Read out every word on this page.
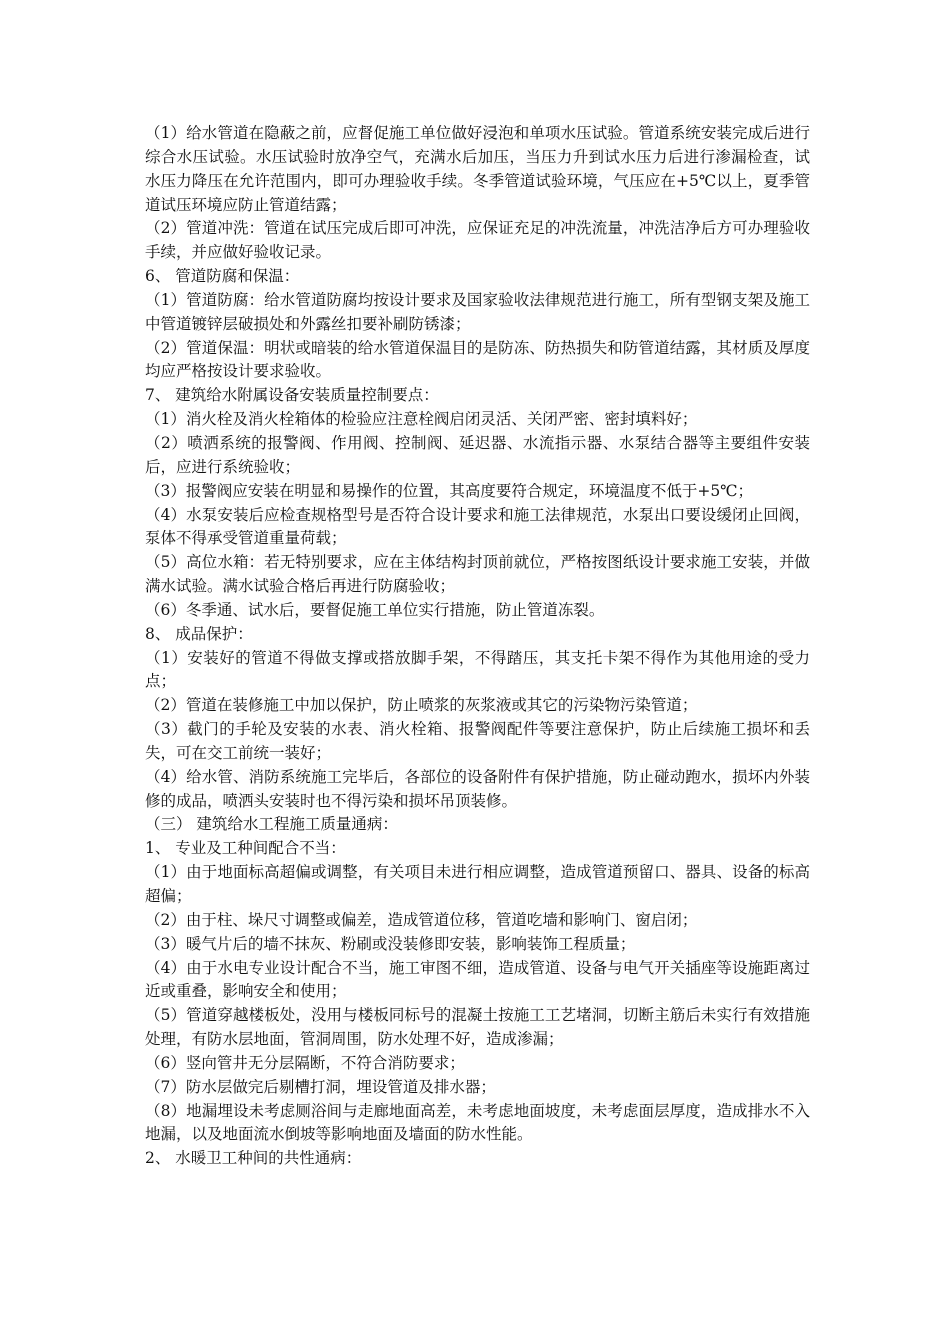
（1）给水管道在隐蔽之前，应督促施工单位做好浸泡和单项水压试验。管道系统安装完成后进行综合水压试验。水压试验时放净空气，充满水后加压，当压力升到试水压力后进行渗漏检查，试水压力降压在允许范围内，即可办理验收手续。冬季管道试验环境，气压应在+5℃以上，夏季管道试压环境应防止管道结露；

（2）管道冲洗：管道在试压完成后即可冲洗，应保证充足的冲洗流量，冲洗洁净后方可办理验收手续，并应做好验收记录。

6、 管道防腐和保温：

（1）管道防腐：给水管道防腐均按设计要求及国家验收法律规范进行施工，所有型钢支架及施工中管道镀锌层破损处和外露丝扣要补刷防锈漆；

（2）管道保温：明状或暗装的给水管道保温目的是防冻、防热损失和防管道结露，其材质及厚度均应严格按设计要求验收。

7、 建筑给水附属设备安装质量控制要点：

（1）消火栓及消火栓箱体的检验应注意栓阀启闭灵活、关闭严密、密封填料好；

（2）喷洒系统的报警阀、作用阀、控制阀、延迟器、水流指示器、水泵结合器等主要组件安装后，应进行系统验收；

（3）报警阀应安装在明显和易操作的位置，其高度要符合规定，环境温度不低于+5℃；

（4）水泵安装后应检查规格型号是否符合设计要求和施工法律规范，水泵出口要设缓闭止回阀，泵体不得承受管道重量荷载；

（5）高位水箱：若无特别要求，应在主体结构封顶前就位，严格按图纸设计要求施工安装，并做满水试验。满水试验合格后再进行防腐验收；

（6）冬季通、试水后，要督促施工单位实行措施，防止管道冻裂。

8、 成品保护：

（1）安装好的管道不得做支撑或搭放脚手架，不得踏压，其支托卡架不得作为其他用途的受力点；

（2）管道在装修施工中加以保护，防止喷浆的灰浆液或其它的污染物污染管道；

（3）截门的手轮及安装的水表、消火栓箱、报警阀配件等要注意保护，防止后续施工损坏和丢失，可在交工前统一装好；

（4）给水管、消防系统施工完毕后，各部位的设备附件有保护措施，防止碰动跑水，损坏内外装修的成品，喷洒头安装时也不得污染和损坏吊顶装修。

（三） 建筑给水工程施工质量通病：

1、 专业及工种间配合不当：

（1）由于地面标高超偏或调整，有关项目未进行相应调整，造成管道预留口、器具、设备的标高超偏；

（2）由于柱、垛尺寸调整或偏差，造成管道位移，管道吃墙和影响门、窗启闭；

（3）暖气片后的墙不抹灰、粉刷或没装修即安装，影响装饰工程质量；

（4）由于水电专业设计配合不当，施工审图不细，造成管道、设备与电气开关插座等设施距离过近或重叠，影响安全和使用；

（5）管道穿越楼板处，没用与楼板同标号的混凝土按施工工艺堵洞，切断主筋后未实行有效措施处理，有防水层地面，管洞周围，防水处理不好，造成渗漏；

（6）竖向管井无分层隔断，不符合消防要求；

（7）防水层做完后剔槽打洞，埋设管道及排水器；

（8）地漏埋设未考虑厕浴间与走廊地面高差，未考虑地面坡度，未考虑面层厚度，造成排水不入地漏，以及地面流水倒坡等影响地面及墙面的防水性能。

2、 水暖卫工种间的共性通病：
